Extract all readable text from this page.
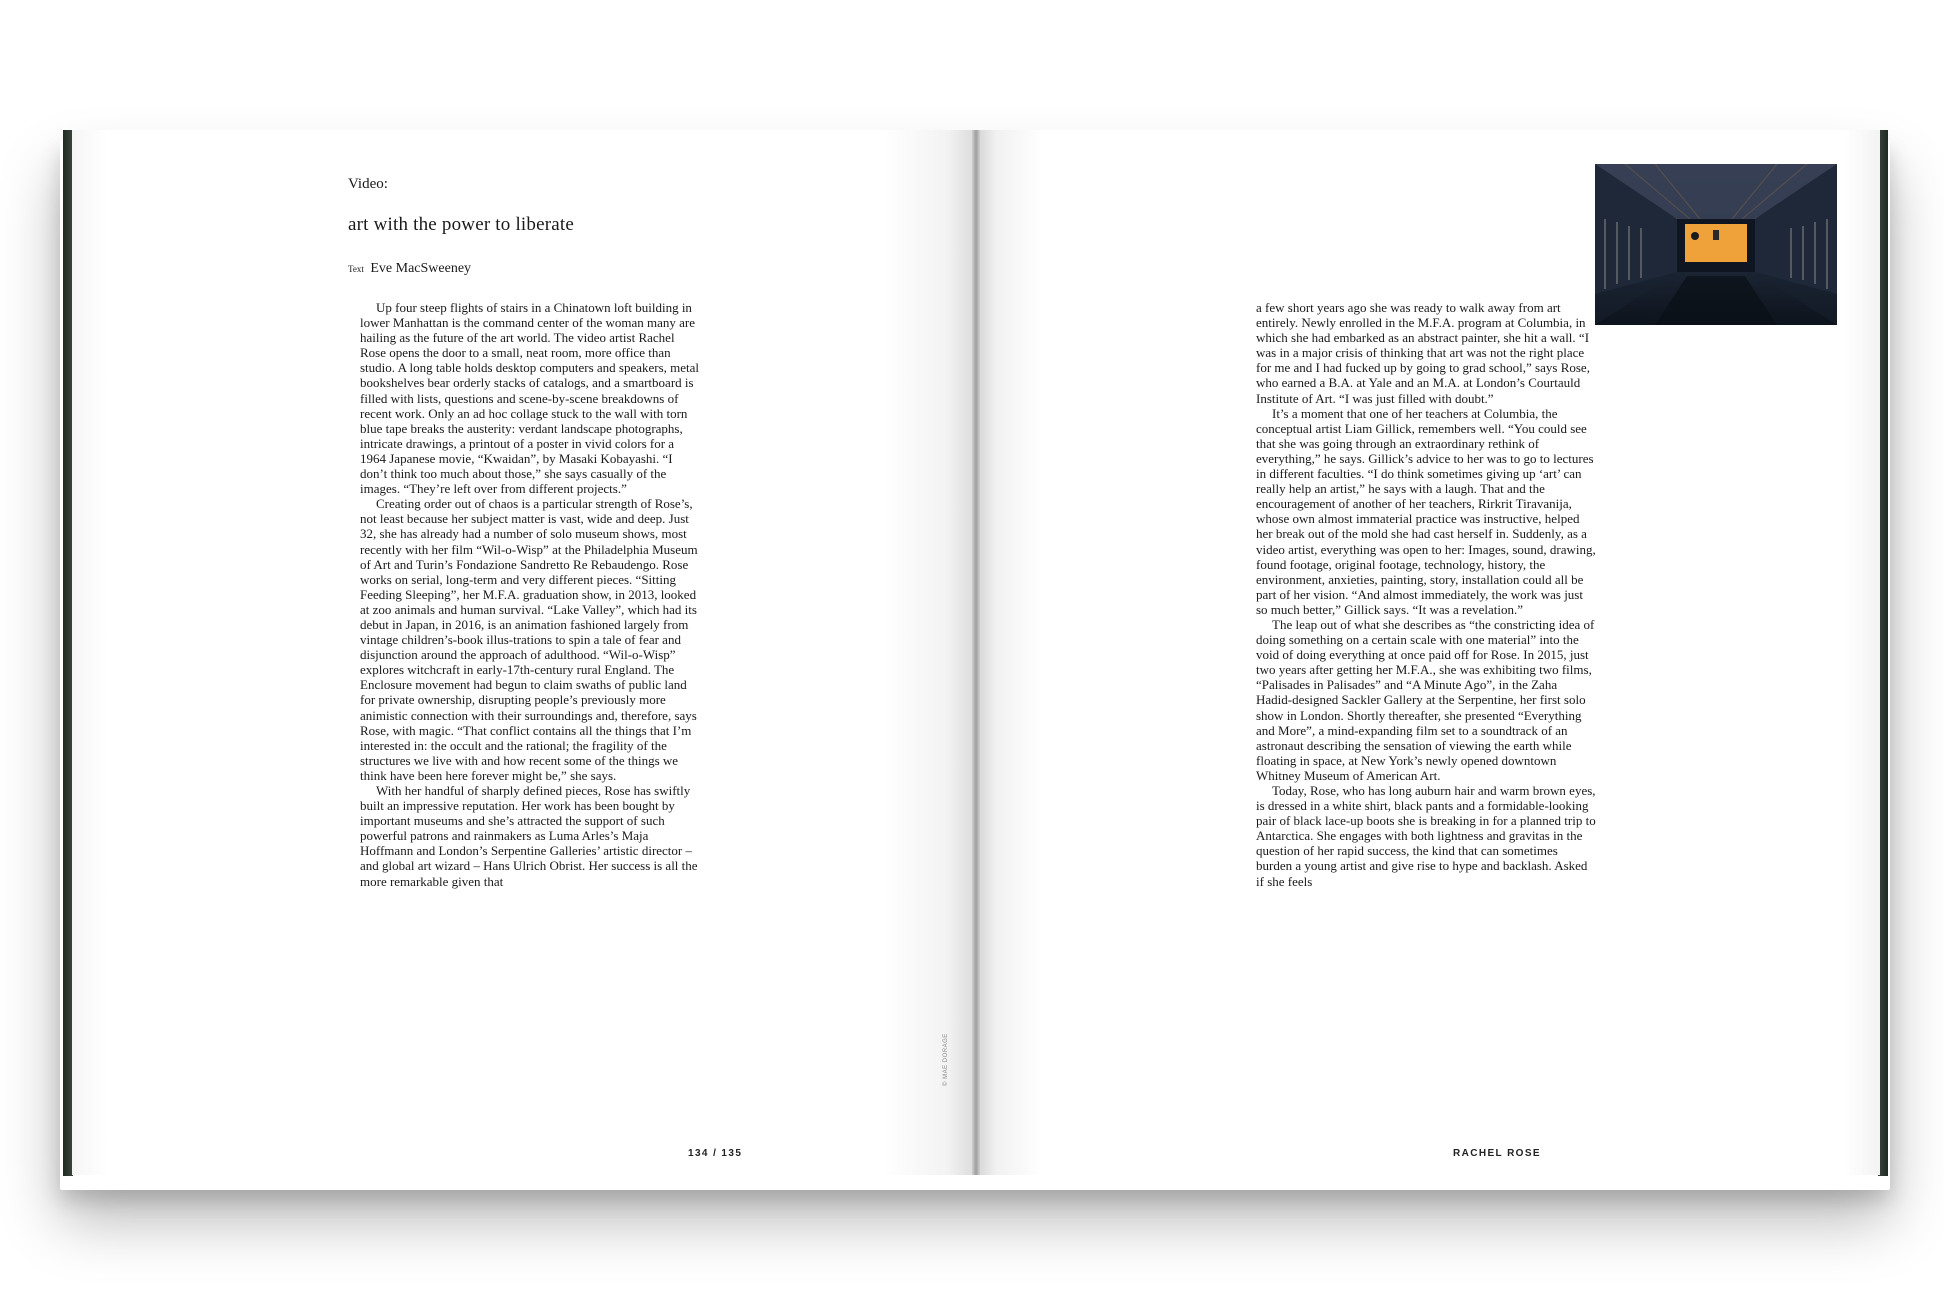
Video:
art with the power to liberate
Text Eve MacSweeney

Up four steep flights of stairs in a Chinatown loft building in lower Manhattan is the command center of the woman many are hailing as the future of the art world. The video artist Rachel Rose opens the door to a small, neat room, more office than studio. A long table holds desktop computers and speakers, metal bookshelves bear orderly stacks of catalogs, and a smartboard is filled with lists, questions and scene-by-scene breakdowns of recent work. Only an ad hoc collage stuck to the wall with torn blue tape breaks the austerity: verdant landscape photographs, intricate drawings, a printout of a poster in vivid colors for a 1964 Japanese movie, “Kwaidan”, by Masaki Kobayashi. “I don’t think too much about those,” she says casually of the images. “They’re left over from different projects.”

Creating order out of chaos is a particular strength of Rose’s, not least because her subject matter is vast, wide and deep. Just 32, she has already had a number of solo museum shows, most recently with her film “Wil-o-Wisp” at the Philadelphia Museum of Art and Turin’s Fondazione Sandretto Re Rebaudengo. Rose works on serial, long-term and very different pieces. “Sitting Feeding Sleeping”, her M.F.A. graduation show, in 2013, looked at zoo animals and human survival. “Lake Valley”, which had its debut in Japan, in 2016, is an animation fashioned largely from vintage children’s-book illus-trations to spin a tale of fear and disjunction around the approach of adulthood. “Wil-o-Wisp” explores witchcraft in early-17th-century rural England. The Enclosure movement had begun to claim swaths of public land for private ownership, disrupting people’s previously more animistic connection with their surroundings and, therefore, says Rose, with magic. “That conflict contains all the things that I’m interested in: the occult and the rational; the fragility of the structures we live with and how recent some of the things we think have been here forever might be,” she says.

With her handful of sharply defined pieces, Rose has swiftly built an impressive reputation. Her work has been bought by important museums and she’s attracted the support of such powerful patrons and rainmakers as Luma Arles’s Maja Hoffmann and London’s Serpentine Galleries’ artistic director – and global art wizard – Hans Ulrich Obrist. Her success is all the more remarkable given that

a few short years ago she was ready to walk away from art entirely. Newly enrolled in the M.F.A. program at Columbia, in which she had embarked as an abstract painter, she hit a wall. “I was in a major crisis of thinking that art was not the right place for me and I had fucked up by going to grad school,” says Rose, who earned a B.A. at Yale and an M.A. at London’s Courtauld Institute of Art. “I was just filled with doubt.”

It’s a moment that one of her teachers at Columbia, the conceptual artist Liam Gillick, remembers well. “You could see that she was going through an extraordinary rethink of everything,” he says. Gillick’s advice to her was to go to lectures in different faculties. “I do think sometimes giving up ‘art’ can really help an artist,” he says with a laugh. That and the encouragement of another of her teachers, Rirkrit Tiravanija, whose own almost immaterial practice was instructive, helped her break out of the mold she had cast herself in. Suddenly, as a video artist, everything was open to her: Images, sound, drawing, found footage, original footage, technology, history, the environment, anxieties, painting, story, installation could all be part of her vision. “And almost immediately, the work was just so much better,” Gillick says. “It was a revelation.”

The leap out of what she describes as “the constricting idea of doing something on a certain scale with one material” into the void of doing everything at once paid off for Rose. In 2015, just two years after getting her M.F.A., she was exhibiting two films, “Palisades in Palisades” and “A Minute Ago”, in the Zaha Hadid-designed Sackler Gallery at the Serpentine, her first solo show in London. Shortly thereafter, she presented “Everything and More”, a mind-expanding film set to a soundtrack of an astronaut describing the sensation of viewing the earth while floating in space, at New York’s newly opened downtown Whitney Museum of American Art.

Today, Rose, who has long auburn hair and warm brown eyes, is dressed in a white shirt, black pants and a formidable-looking pair of black lace-up boots she is breaking in for a planned trip to Antarctica. She engages with both lightness and gravitas in the question of her rapid success, the kind that can sometimes burden a young artist and give rise to hype and backlash. Asked if she feels

© MAE DORAGE
134 / 135	RACHEL ROSE
